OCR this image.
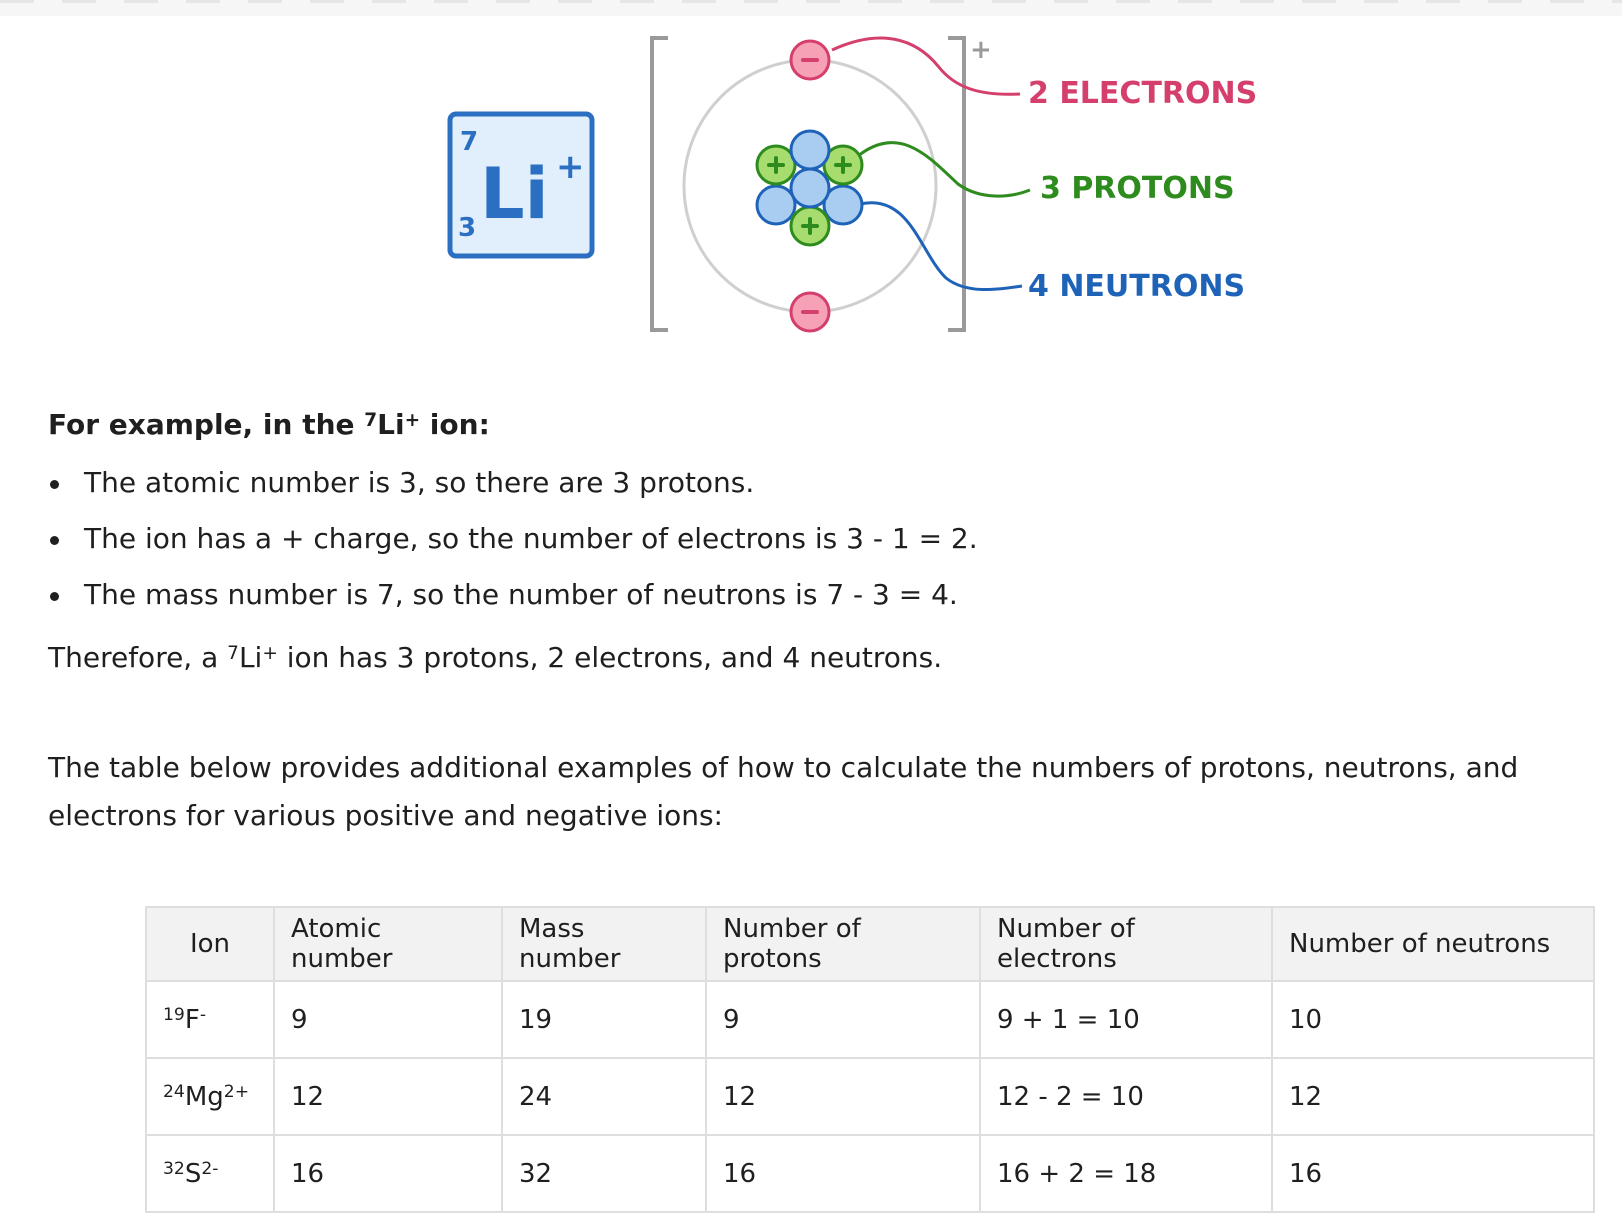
7
3 Li +
+
2 ELECTRONS
3 PROTONS
4 NEUTRONS

For example, in the $^7$Li+ ion:

The atomic number is 3, so there are 3 protons.
The ion has a + charge, so the number of electrons is 3 - 1 = 2.
The mass number is 7, so the number of neutrons is 7 - 3 = 4.

Therefore, a $^7$Li+ ion has 3 protons, 2 electrons, and 4 neutrons.

The table below provides additional examples of how to calculate the numbers of protons, neutrons, and electrons for various positive and negative ions:

Ion	Atomic number	Mass number	Number of protons	Number of electrons	Number of neutrons
$^{19}$F-	9	19	9	9 + 1 = 10	10
$^{24}Mg^{2+}$	12	24	12	12 - 2 = 10	12
$^{32}S^{2-}$	16	32	16	16 + 2 = 18	16
